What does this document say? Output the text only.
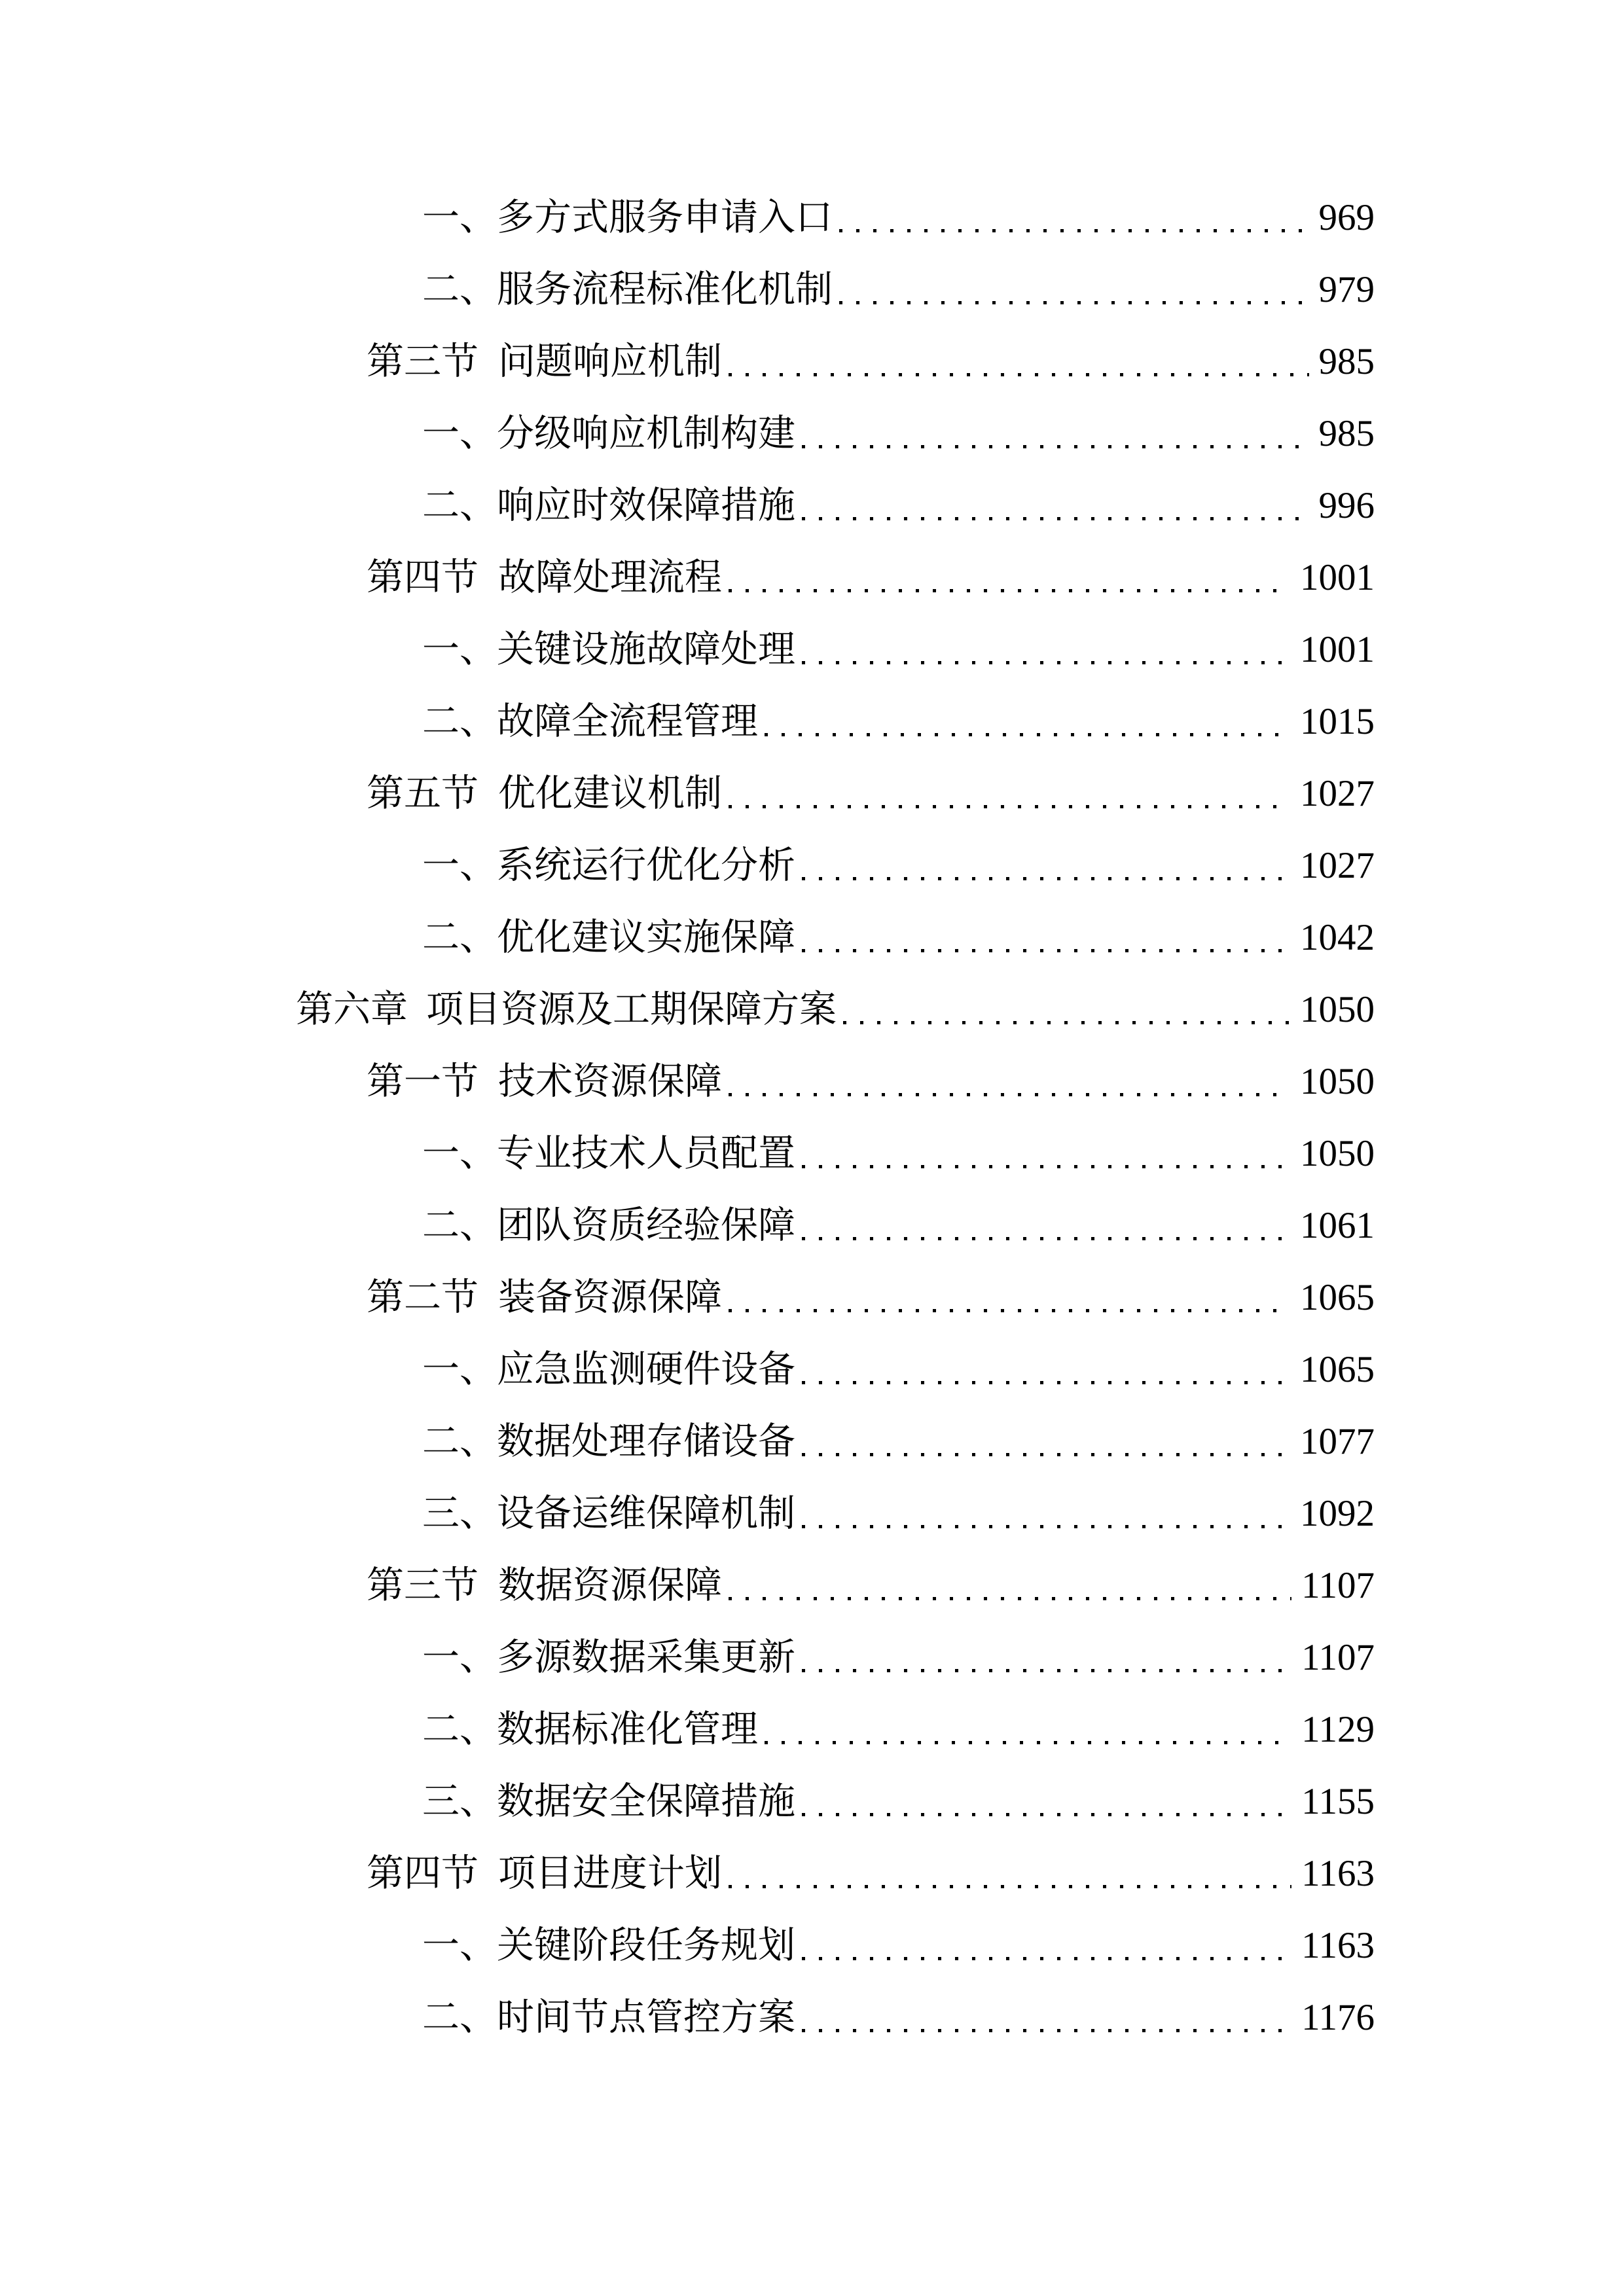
一、 多方式服务申请入口	969
二、 服务流程标准化机制	979
第三节 问题响应机制	985
一、 分级响应机制构建	985
二、 响应时效保障措施	996
第四节 故障处理流程	1001
一、 关键设施故障处理	1001
二、 故障全流程管理	1015
第五节 优化建议机制	1027
一、 系统运行优化分析	1027
二、 优化建议实施保障	1042
第六章 项目资源及工期保障方案	1050
第一节 技术资源保障	1050
一、 专业技术人员配置	1050
二、 团队资质经验保障	1061
第二节 装备资源保障	1065
一、 应急监测硬件设备	1065
二、 数据处理存储设备	1077
三、 设备运维保障机制	1092
第三节 数据资源保障	1107
一、 多源数据采集更新	1107
二、 数据标准化管理	1129
三、 数据安全保障措施	1155
第四节 项目进度计划	1163
一、 关键阶段任务规划	1163
二、 时间节点管控方案	1176
